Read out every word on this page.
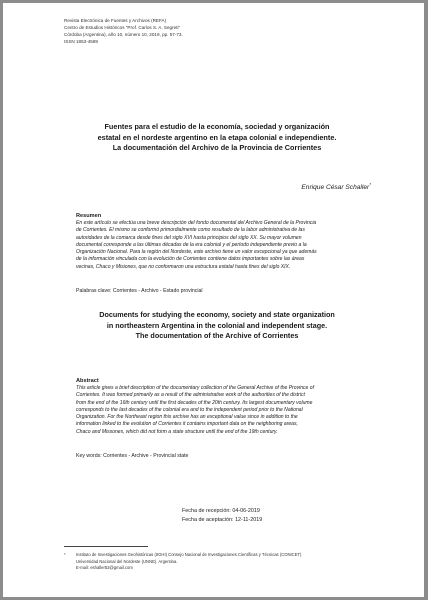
Revista Electrónica de Fuentes y Archivos (REFA)
Centro de Estudios Históricos "Prof. Carlos S. A. Segreti"
Córdoba (Argentina), año 10, número 10, 2019, pp. 57-73.
ISSN 1853-4589
Fuentes para el estudio de la economía, sociedad y organización
estatal en el nordeste argentino en la etapa colonial e independiente.
La documentación del Archivo de la Provincia de Corrientes
Enrique César Schaller*
Resumen
En este artículo se efectúa una breve descripción del fondo documental del Archivo General de la Provincia
de Corrientes. El mismo se conformó primordialmente como resultado de la labor administrativa de las
autoridades de la comarca desde fines del siglo XVI hasta principios del siglo XX. Su mayor volumen
documental corresponde a las últimas décadas de la era colonial y el período independiente previo a la
Organización Nacional. Para la región del Nordeste, este archivo tiene un valor excepcional ya que además
de la información vinculada con la evolución de Corrientes contiene datos importantes sobre las áreas
vecinas, Chaco y Misiones, que no conformaron una estructura estatal hasta fines del siglo XIX.
Palabras clave: Corrientes - Archivo - Estado provincial
Documents for studying the economy, society and state organization
in northeastern Argentina in the colonial and independent stage.
The documentation of the Archive of Corrientes
Abstract
This article gives a brief description of the documentary collection of the General Archive of the Province of
Corrientes. It was formed primarily as a result of the administrative work of the authorities of the district
from the end of the 16th century until the first decades of the 20th century. Its largest documentary volume
corresponds to the last decades of the colonial era and to the independent period prior to the National
Organization. For the Northeast region this archive has an exceptional value since in addition to the
information linked to the evolution of Corrientes it contains important data on the neighboring areas,
Chaco and Missones, which did not form a state structure until the end of the 19th century.
Key words: Corrientes - Archive - Provincial state
Fecha de recepción: 04-06-2019
Fecha de aceptación: 12-11-2019
* Instituto de Investigaciones Geohistóricas (IIGHI) Consejo Nacional de Investigaciones Científicas y Técnicas (CONICET)
Universidad Nacional del Nordeste (UNNE). Argentina.
E-mail: eshaller53@gmail.com
